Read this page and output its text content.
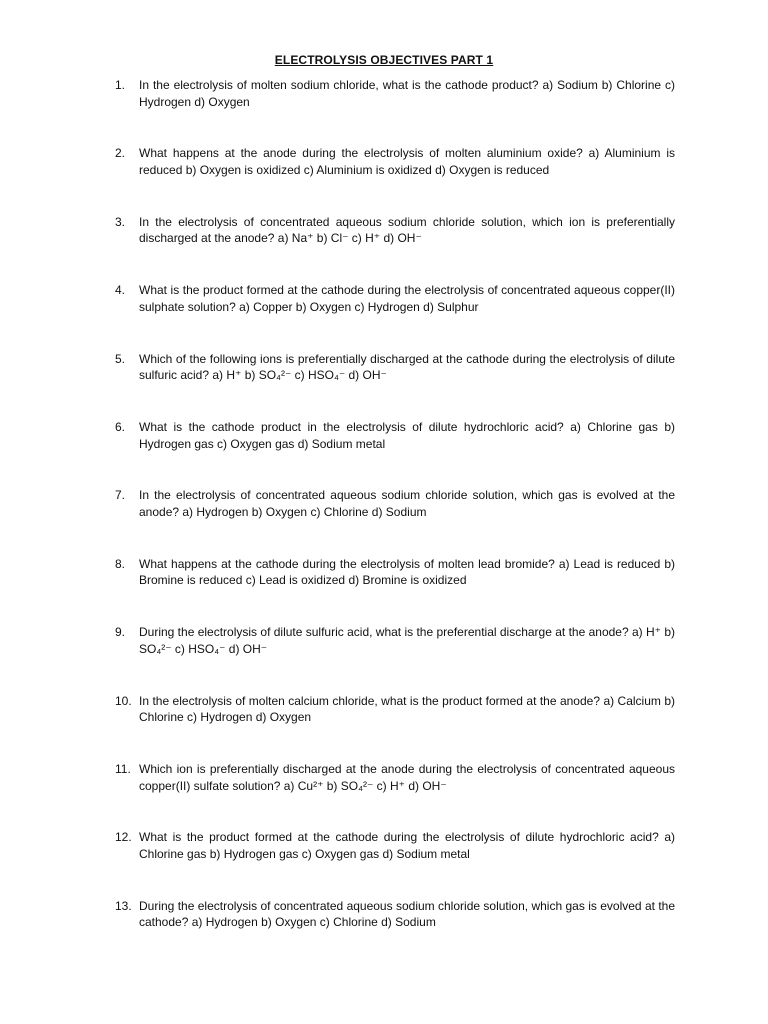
ELECTROLYSIS OBJECTIVES PART 1
1.	In the electrolysis of molten sodium chloride, what is the cathode product? a) Sodium b) Chlorine c) Hydrogen d) Oxygen
2.	What happens at the anode during the electrolysis of molten aluminium oxide? a) Aluminium is reduced b) Oxygen is oxidized c) Aluminium is oxidized d) Oxygen is reduced
3.	In the electrolysis of concentrated aqueous sodium chloride solution, which ion is preferentially discharged at the anode? a) Na⁺ b) Cl⁻ c) H⁺ d) OH⁻
4.	What is the product formed at the cathode during the electrolysis of concentrated aqueous copper(II) sulphate solution? a) Copper b) Oxygen c) Hydrogen d) Sulphur
5.	Which of the following ions is preferentially discharged at the cathode during the electrolysis of dilute sulfuric acid? a) H⁺ b) SO₄²⁻ c) HSO₄⁻ d) OH⁻
6.	What is the cathode product in the electrolysis of dilute hydrochloric acid? a) Chlorine gas b) Hydrogen gas c) Oxygen gas d) Sodium metal
7.	In the electrolysis of concentrated aqueous sodium chloride solution, which gas is evolved at the anode? a) Hydrogen b) Oxygen c) Chlorine d) Sodium
8.	What happens at the cathode during the electrolysis of molten lead bromide? a) Lead is reduced b) Bromine is reduced c) Lead is oxidized d) Bromine is oxidized
9.	During the electrolysis of dilute sulfuric acid, what is the preferential discharge at the anode? a) H⁺ b) SO₄²⁻ c) HSO₄⁻ d) OH⁻
10. In the electrolysis of molten calcium chloride, what is the product formed at the anode? a) Calcium b) Chlorine c) Hydrogen d) Oxygen
11. Which ion is preferentially discharged at the anode during the electrolysis of concentrated aqueous copper(II) sulfate solution? a) Cu²⁺ b) SO₄²⁻ c) H⁺ d) OH⁻
12. What is the product formed at the cathode during the electrolysis of dilute hydrochloric acid? a) Chlorine gas b) Hydrogen gas c) Oxygen gas d) Sodium metal
13. During the electrolysis of concentrated aqueous sodium chloride solution, which gas is evolved at the cathode? a) Hydrogen b) Oxygen c) Chlorine d) Sodium
